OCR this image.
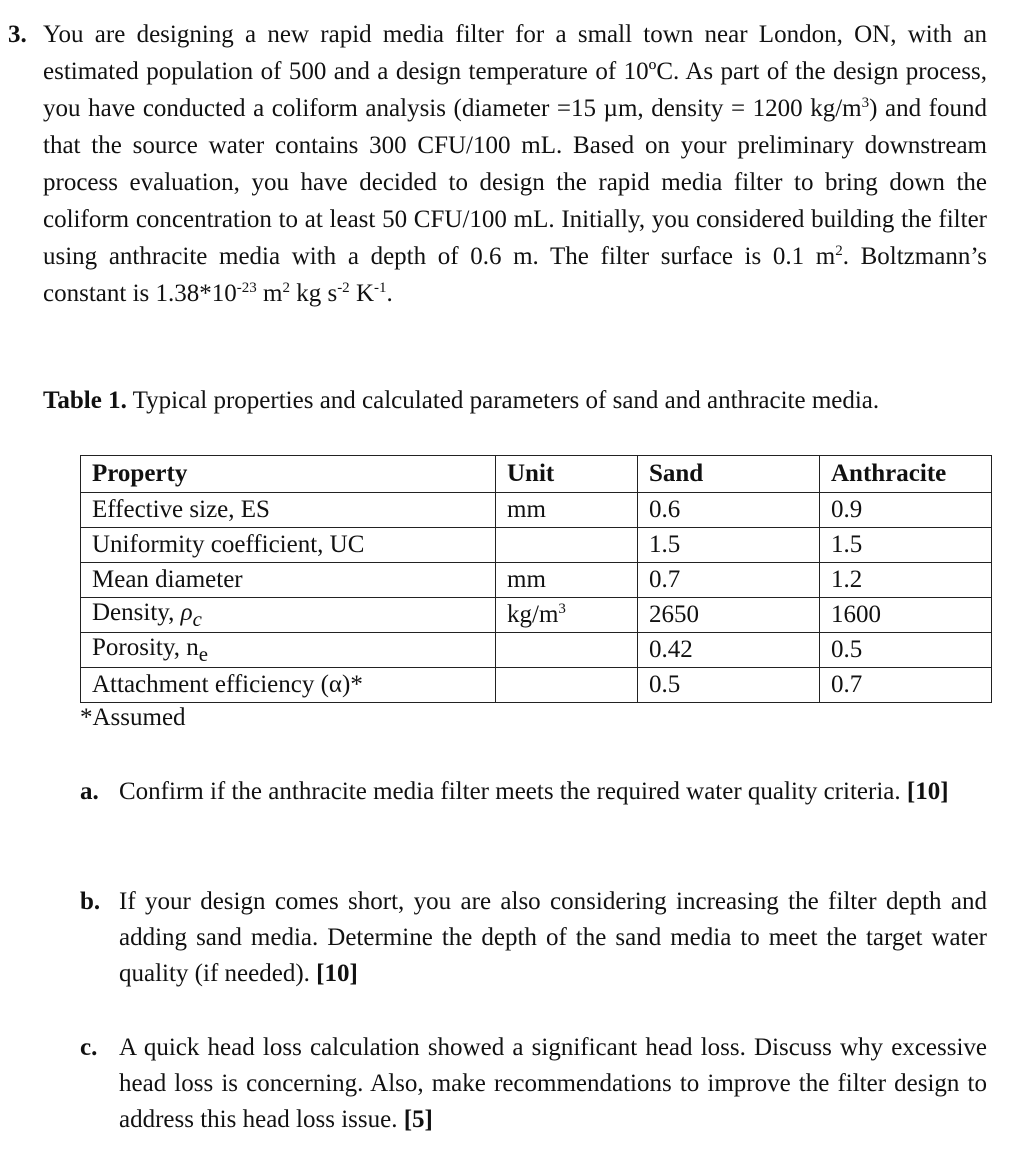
3. You are designing a new rapid media filter for a small town near London, ON, with an estimated population of 500 and a design temperature of 10ºC. As part of the design process, you have conducted a coliform analysis (diameter =15 µm, density = 1200 $kg/m^3$) and found that the source water contains 300 CFU/100 mL. Based on your preliminary downstream process evaluation, you have decided to design the rapid media filter to bring down the coliform concentration to at least 50 CFU/100 mL. Initially, you considered building the filter using anthracite media with a depth of 0.6 m. The filter surface is 0.1 $m^2$. Boltzmann’s constant is $1.38*10^{-23}$ $m^2$ kg $s^{-2}$ $K^{-1}$.
Table 1. Typical properties and calculated parameters of sand and anthracite media.
Property	Unit	Sand	Anthracite
Effective size, ES	mm	0.6	0.9
Uniformity coefficient, UC		1.5	1.5
Mean diameter	mm	0.7	1.2
Density, $\rho_c$	$kg/m^3$	2650	1600
Porosity, $n_e$		0.42	0.5
Attachment efficiency (α)*		0.5	0.7
*Assumed
a. Confirm if the anthracite media filter meets the required water quality criteria. [10]
b. If your design comes short, you are also considering increasing the filter depth and adding sand media. Determine the depth of the sand media to meet the target water quality (if needed). [10]
c. A quick head loss calculation showed a significant head loss. Discuss why excessive head loss is concerning. Also, make recommendations to improve the filter design to address this head loss issue. [5]
